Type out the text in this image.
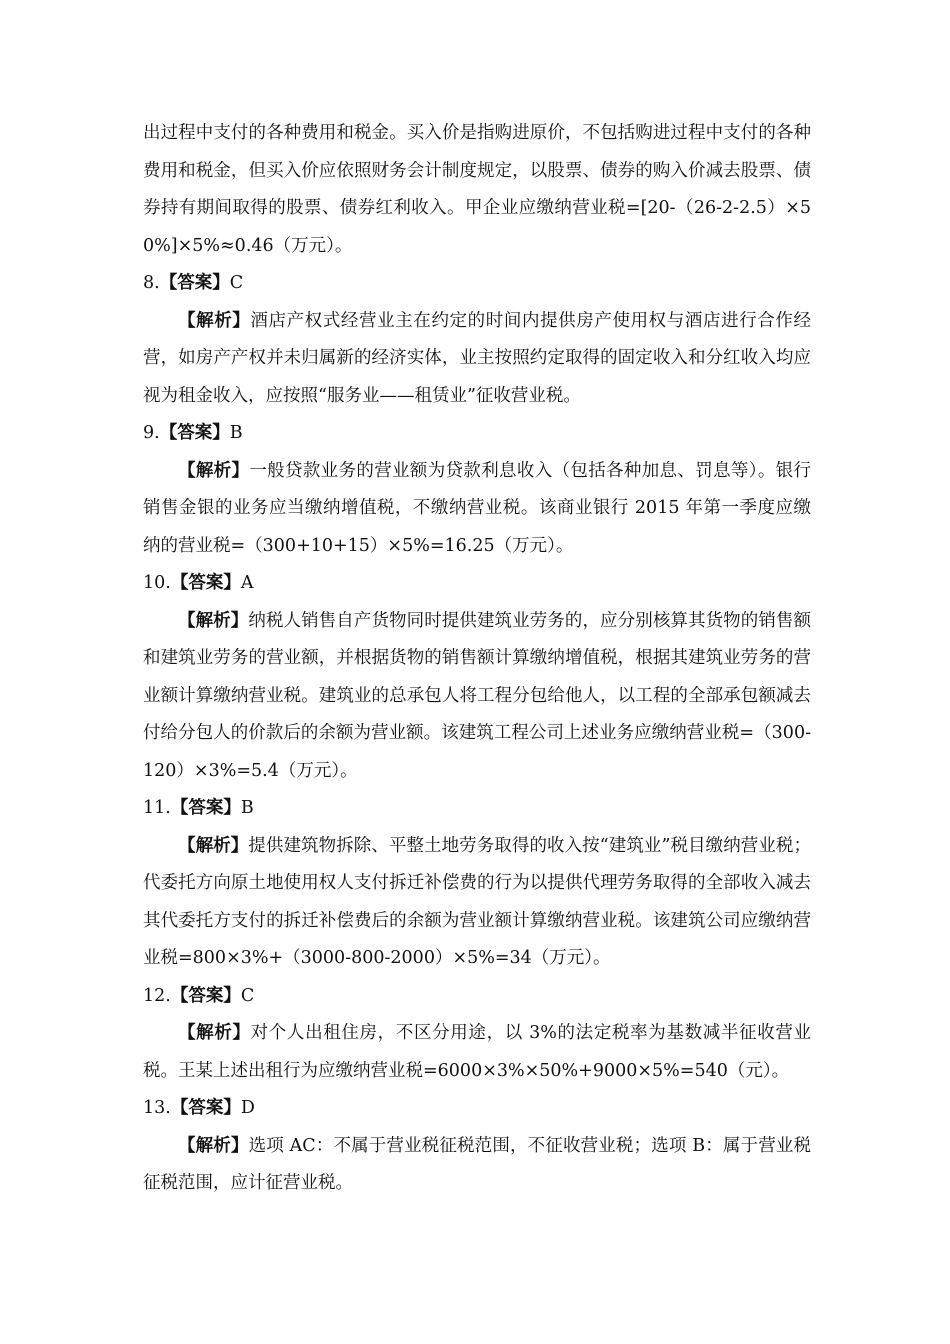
出过程中支付的各种费用和税金。买入价是指购进原价，不包括购进过程中支付的各种费用和税金，但买入价应依照财务会计制度规定，以股票、债券的购入价减去股票、债券持有期间取得的股票、债券红利收入。甲企业应缴纳营业税=[20-（26-2-2.5）×50%]×5%≈0.46（万元）。

8.【答案】C

【解析】酒店产权式经营业主在约定的时间内提供房产使用权与酒店进行合作经营，如房产产权并未归属新的经济实体，业主按照约定取得的固定收入和分红收入均应视为租金收入，应按照“服务业——租赁业”征收营业税。

9.【答案】B

【解析】一般贷款业务的营业额为贷款利息收入（包括各种加息、罚息等）。银行销售金银的业务应当缴纳增值税，不缴纳营业税。该商业银行 2015 年第一季度应缴纳的营业税=（300+10+15）×5%=16.25（万元）。

10.【答案】A

【解析】纳税人销售自产货物同时提供建筑业劳务的，应分别核算其货物的销售额和建筑业劳务的营业额，并根据货物的销售额计算缴纳增值税，根据其建筑业劳务的营业额计算缴纳营业税。建筑业的总承包人将工程分包给他人，以工程的全部承包额减去付给分包人的价款后的余额为营业额。该建筑工程公司上述业务应缴纳营业税=（300-120）×3%=5.4（万元）。

11.【答案】B

【解析】提供建筑物拆除、平整土地劳务取得的收入按“建筑业”税目缴纳营业税；代委托方向原土地使用权人支付拆迁补偿费的行为以提供代理劳务取得的全部收入减去其代委托方支付的拆迁补偿费后的余额为营业额计算缴纳营业税。该建筑公司应缴纳营业税=800×3%+（3000-800-2000）×5%=34（万元）。

12.【答案】C

【解析】对个人出租住房，不区分用途，以 3%的法定税率为基数减半征收营业税。王某上述出租行为应缴纳营业税=6000×3%×50%+9000×5%=540（元）。

13.【答案】D

【解析】选项 AC：不属于营业税征税范围，不征收营业税；选项 B：属于营业税征税范围，应计征营业税。
